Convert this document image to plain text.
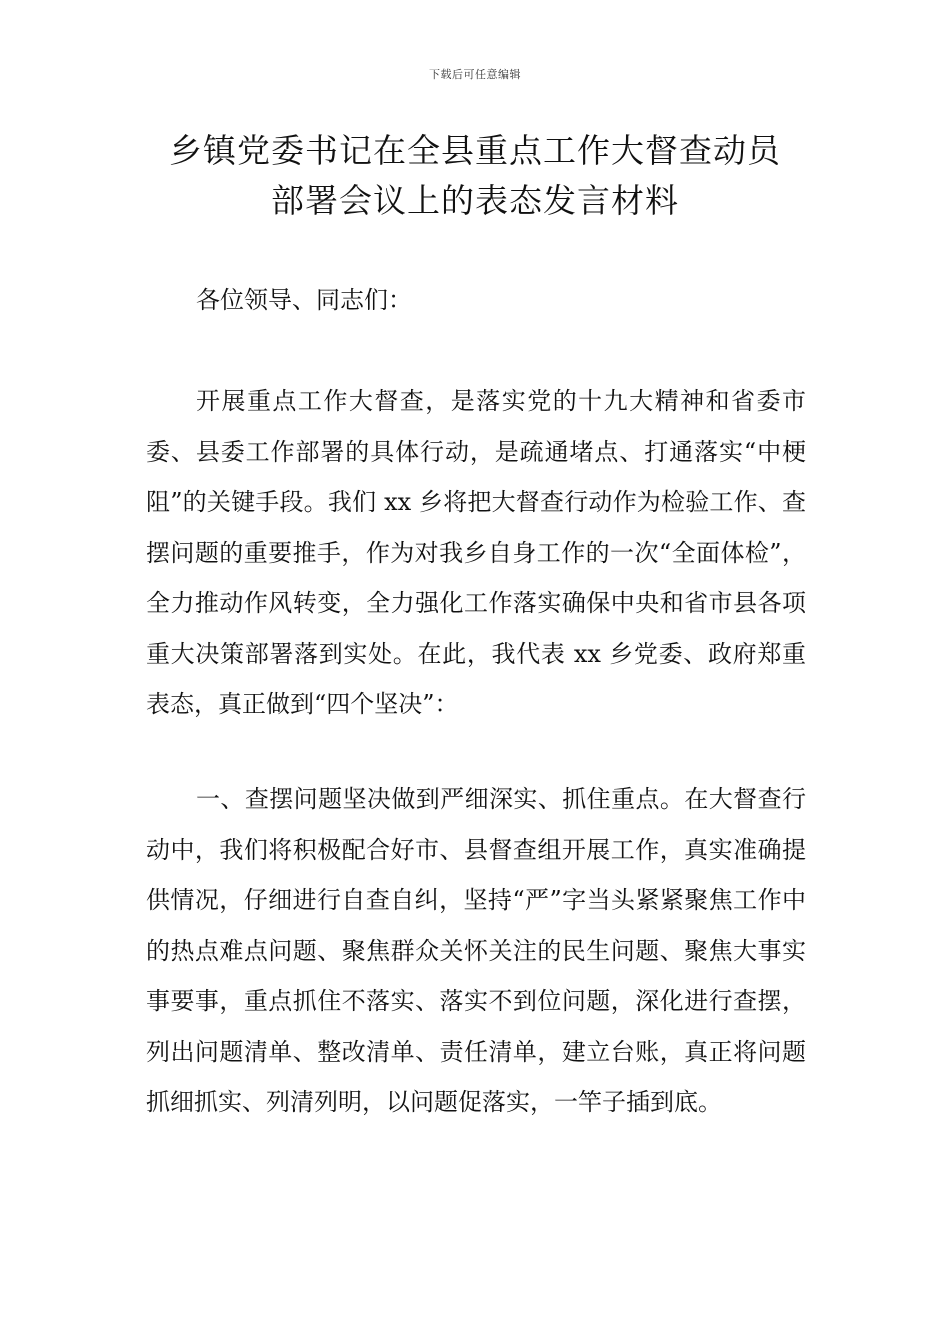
下载后可任意编辑
乡镇党委书记在全县重点工作大督查动员
部署会议上的表态发言材料

各位领导、同志们：

开展重点工作大督查，是落实党的十九大精神和省委市委、县委工作部署的具体行动，是疏通堵点、打通落实“中梗阻”的关键手段。我们 xx 乡将把大督查行动作为检验工作、查摆问题的重要推手，作为对我乡自身工作的一次“全面体检”，全力推动作风转变，全力强化工作落实确保中央和省市县各项重大决策部署落到实处。在此，我代表 xx 乡党委、政府郑重表态，真正做到“四个坚决”：

一、查摆问题坚决做到严细深实、抓住重点。在大督查行动中，我们将积极配合好市、县督查组开展工作，真实准确提供情况，仔细进行自查自纠，坚持“严”字当头紧紧聚焦工作中的热点难点问题、聚焦群众关怀关注的民生问题、聚焦大事实事要事，重点抓住不落实、落实不到位问题，深化进行查摆，列出问题清单、整改清单、责任清单，建立台账，真正将问题抓细抓实、列清列明，以问题促落实，一竿子插到底。
